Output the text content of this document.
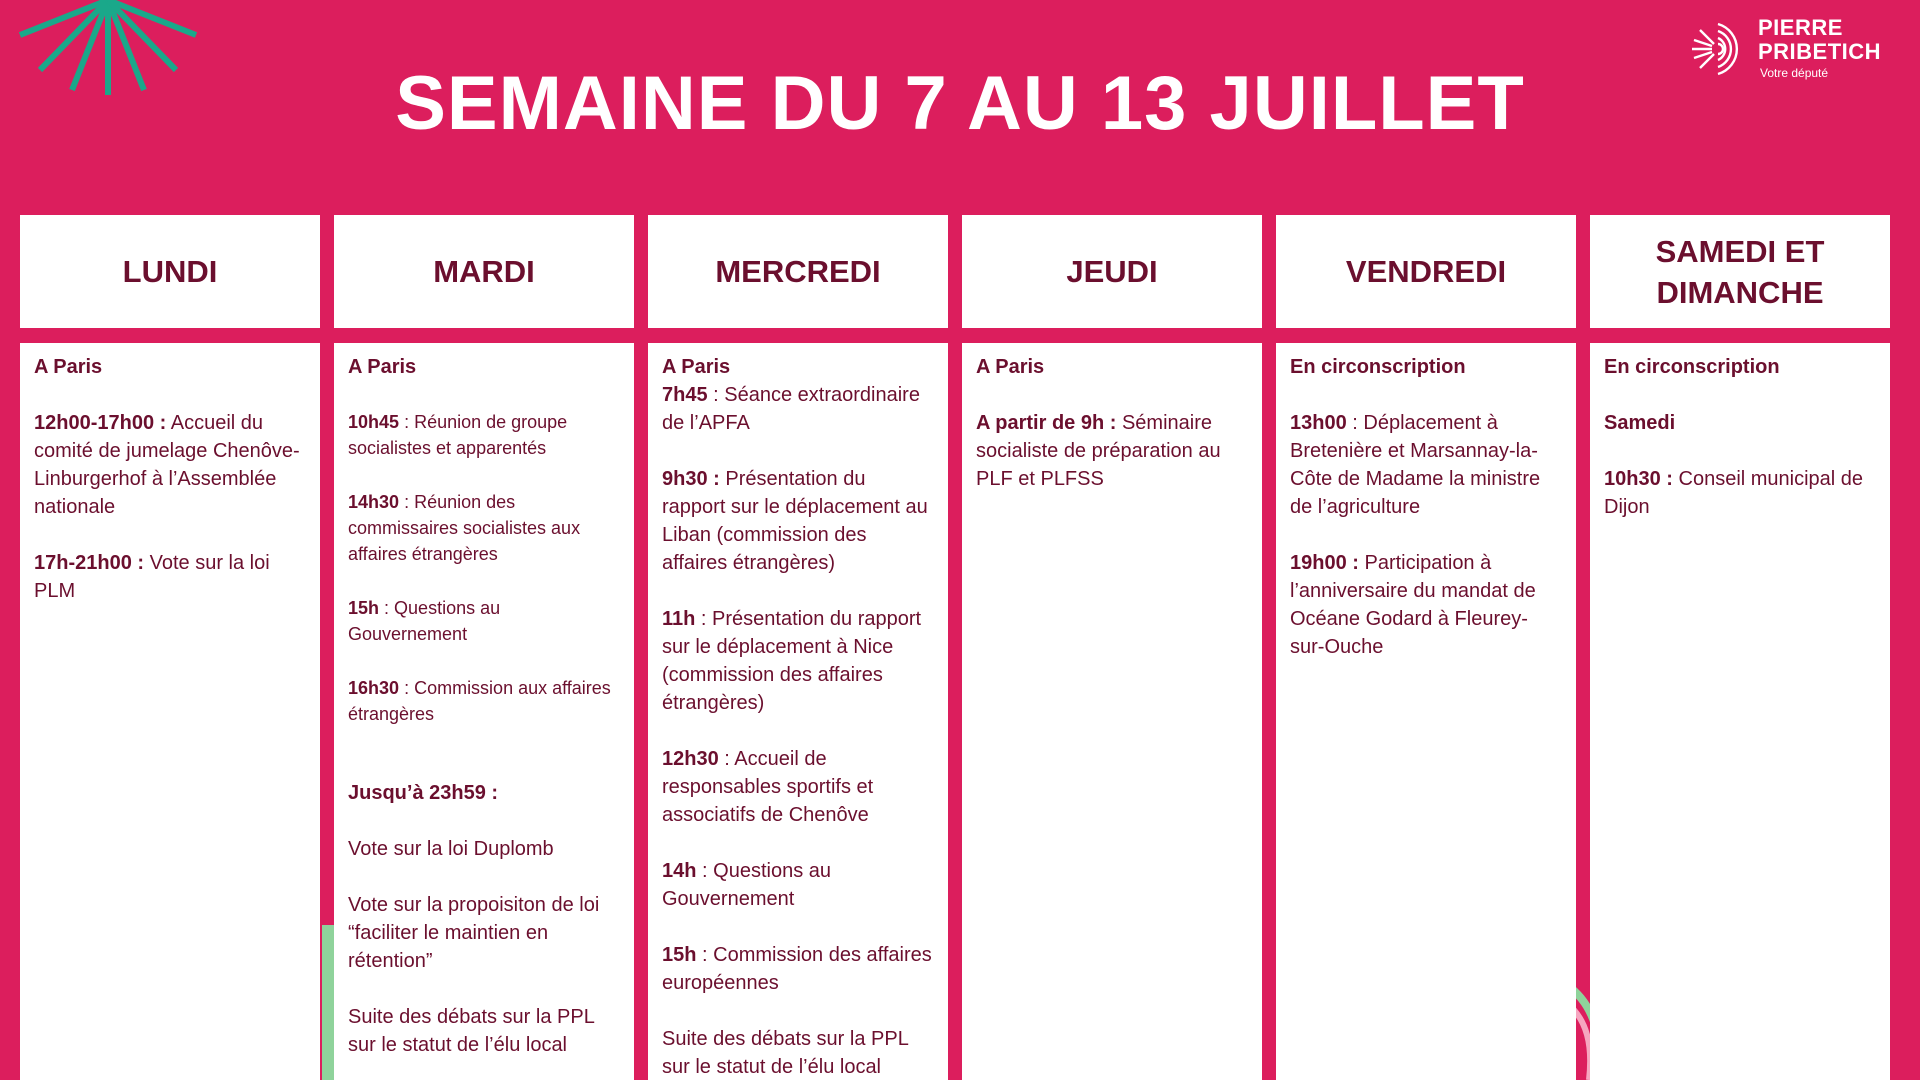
SEMAINE DU 7 AU 13 JUILLET
PIERRE
PRIBETICH
Votre député
LUNDI
A Paris
12h00-17h00 : Accueil du comité de jumelage Chenôve-Linburgerhof à l’Assemblée nationale
17h-21h00 : Vote sur la loi PLM
MARDI
A Paris
10h45 : Réunion de groupe socialistes et apparentés
14h30 : Réunion des commissaires socialistes aux affaires étrangères
15h : Questions au Gouvernement
16h30 : Commission aux affaires étrangères
Jusqu’à 23h59 :
Vote sur la loi Duplomb
Vote sur la propoisiton de loi “faciliter le maintien en rétention”
Suite des débats sur la PPL sur le statut de l’élu local
MERCREDI
A Paris
7h45 : Séance extraordinaire de l’APFA
9h30 : Présentation du rapport sur le déplacement au Liban (commission des affaires étrangères)
11h : Présentation du rapport sur le déplacement à Nice (commission des affaires étrangères)
12h30 : Accueil de responsables sportifs et associatifs de Chenôve
14h : Questions au Gouvernement
15h : Commission des affaires européennes
Suite des débats sur la PPL sur le statut de l’élu local
JEUDI
A Paris
A partir de 9h : Séminaire socialiste de préparation au PLF et PLFSS
VENDREDI
En circonscription
13h00 : Déplacement à Bretenière et Marsannay-la-Côte de Madame la ministre de l’agriculture
19h00 : Participation à l’anniversaire du mandat de Océane Godard à Fleurey-sur-Ouche
SAMEDI ET
DIMANCHE
En circonscription
Samedi
10h30 : Conseil municipal de Dijon
